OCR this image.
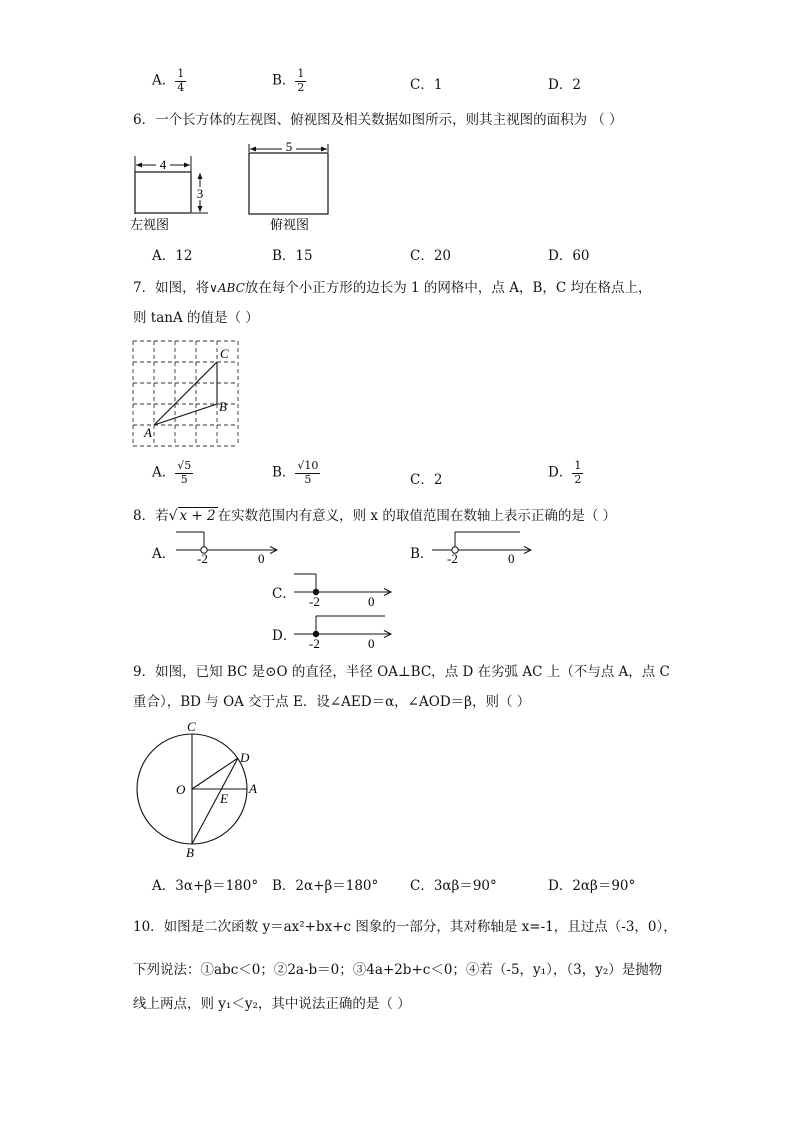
A． $\frac{1}{4}$	B． $\frac{1}{2}$	C．1	D．2
6．一个长方体的左视图、俯视图及相关数据如图所示，则其主视图的面积为 （ ）
4
3
左视图
5
俯视图
A．12	B．15	C．20	D．60
7．如图，将∨ABC放在每个小正方形的边长为 1 的网格中，点 A，B，C 均在格点上，
则 tanA 的值是（ ）
A
B
C
A． $\frac{√5}{5}$	B． $\frac{√10}{5}$	C．2	D． $\frac{1}{2}$
8．若√ x + 2 在实数范围内有意义，则 x 的取值范围在数轴上表示正确的是（ ）
A． -2	0	B． -2	0
C． -2	0
D． -2	0
9．如图，已知 BC 是⊙O 的直径，半径 OA⊥BC，点 D 在劣弧 AC 上（不与点 A，点 C
重合），BD 与 OA 交于点 E．设∠AED＝α，∠AOD＝β，则（ ）
C
D
O
E
A
B
A．3α+β＝180° B．2α+β＝180° C．3αβ＝90°	D．2αβ＝90°
10．如图是二次函数 y＝ax²+bx+c 图象的一部分，其对称轴是 x=-1，且过点（-3，0），
下列说法：①abc＜0；②2a-b＝0；③4a+2b+c＜0；④若（-5，y₁），（3，y₂）是抛物
线上两点，则 y₁＜y₂，其中说法正确的是（ ）
